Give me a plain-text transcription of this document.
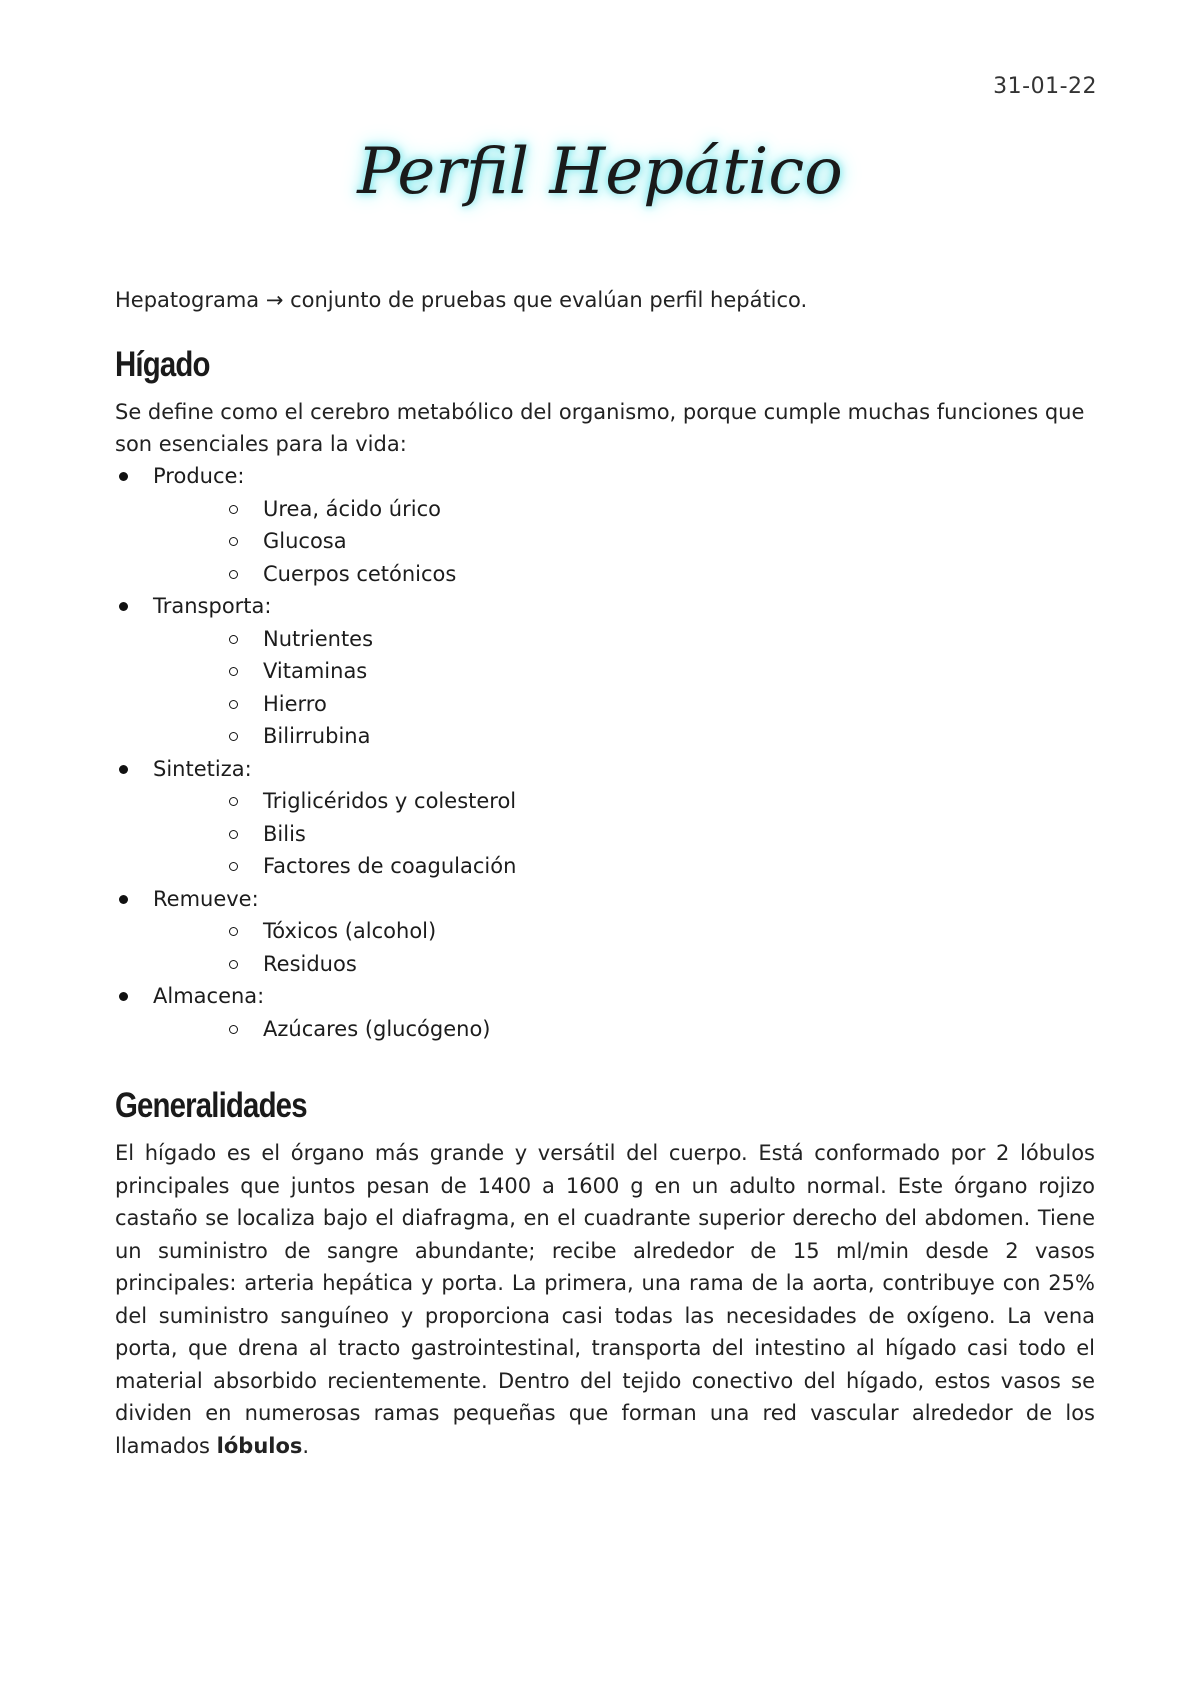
31-01-22
Perfil Hepático

Hepatograma → conjunto de pruebas que evalúan perfil hepático.

Hígado

Se define como el cerebro metabólico del organismo, porque cumple muchas funciones que son esenciales para la vida:

Produce:
Urea, ácido úrico
Glucosa
Cuerpos cetónicos
Transporta:
Nutrientes
Vitaminas
Hierro
Bilirrubina
Sintetiza:
Triglicéridos y colesterol
Bilis
Factores de coagulación
Remueve:
Tóxicos (alcohol)
Residuos
Almacena:
Azúcares (glucógeno)
Generalidades

El hígado es el órgano más grande y versátil del cuerpo. Está conformado por 2 lóbulos principales que juntos pesan de 1400 a 1600 g en un adulto normal. Este órgano rojizo castaño se localiza bajo el diafragma, en el cuadrante superior derecho del abdomen. Tiene un suministro de sangre abundante; recibe alrededor de 15 ml/min desde 2 vasos principales: arteria hepática y porta. La primera, una rama de la aorta, contribuye con 25% del suministro sanguíneo y proporciona casi todas las necesidades de oxígeno. La vena porta, que drena al tracto gastrointestinal, transporta del intestino al hígado casi todo el material absorbido recientemente. Dentro del tejido conectivo del hígado, estos vasos se dividen en numerosas ramas pequeñas que forman una red vascular alrededor de los llamados lóbulos.
